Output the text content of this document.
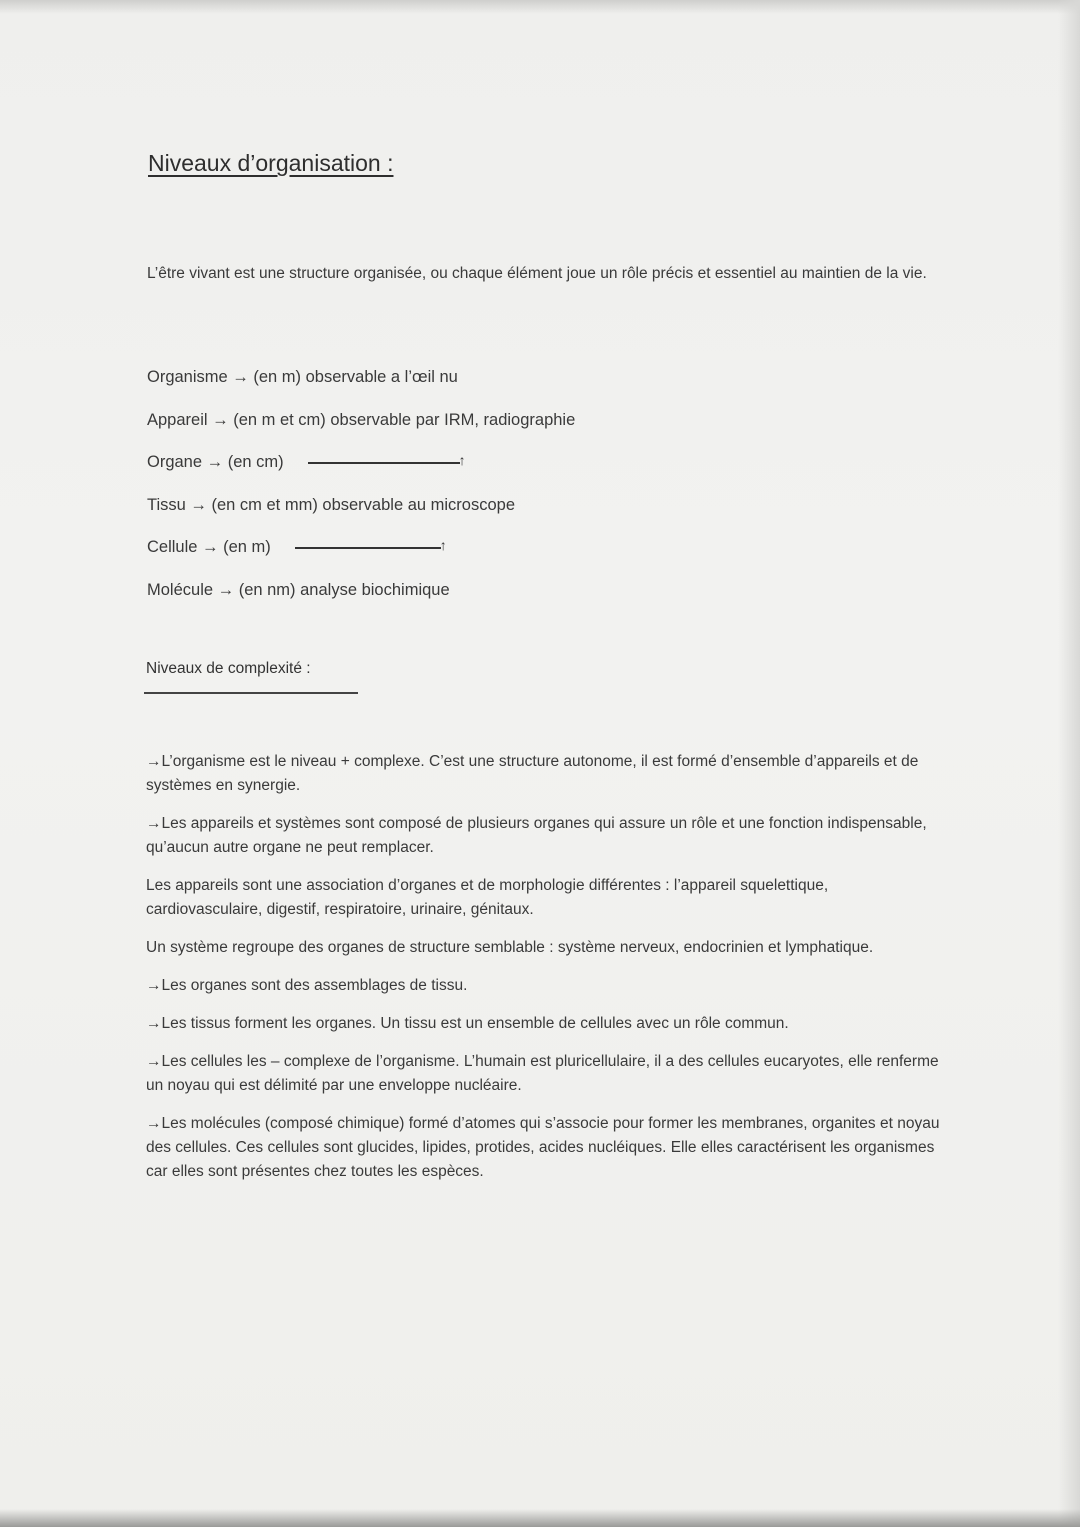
Niveaux d’organisation :

L’être vivant est une structure organisée, ou chaque élément joue un rôle précis et essentiel au maintien de la vie.

Organisme → (en m) observable a l’œil nu
Appareil → (en m et cm) observable par IRM, radiographie
Organe → (en cm)↑
Tissu → (en cm et mm) observable au microscope
Cellule → (en m)↑
Molécule → (en nm) analyse biochimique
Niveaux de complexité :

→L’organisme est le niveau + complexe. C’est une structure autonome, il est formé d’ensemble d’appareils et de systèmes en synergie.

→Les appareils et systèmes sont composé de plusieurs organes qui assure un rôle et une fonction indispensable, qu’aucun autre organe ne peut remplacer.

Les appareils sont une association d’organes et de morphologie différentes : l’appareil squelettique, cardiovasculaire, digestif, respiratoire, urinaire, génitaux.

Un système regroupe des organes de structure semblable : système nerveux, endocrinien et lymphatique.

→Les organes sont des assemblages de tissu.

→Les tissus forment les organes. Un tissu est un ensemble de cellules avec un rôle commun.

→Les cellules les – complexe de l’organisme. L’humain est pluricellulaire, il a des cellules eucaryotes, elle renferme un noyau qui est délimité par une enveloppe nucléaire.

→Les molécules (composé chimique) formé d’atomes qui s’associe pour former les membranes, organites et noyau des cellules. Ces cellules sont glucides, lipides, protides, acides nucléiques. Elle elles caractérisent les organismes car elles sont présentes chez toutes les espèces.
